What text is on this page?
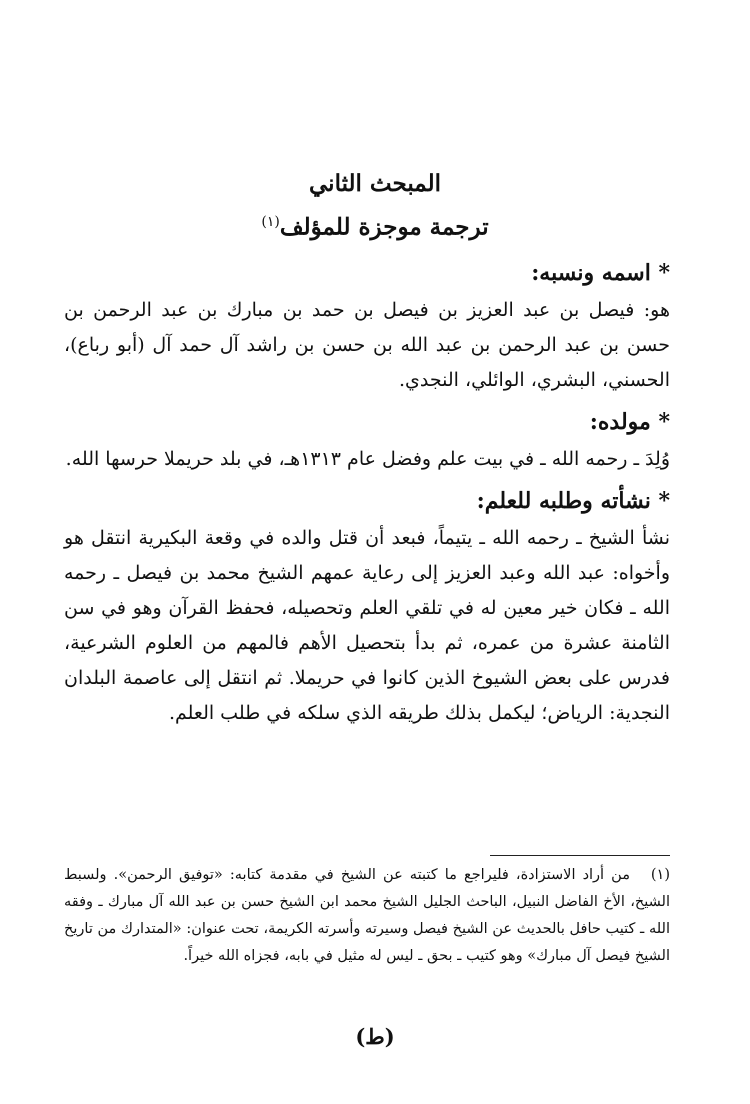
المبحث الثاني

ترجمة موجزة للمؤلف$^{(١)}$

* اسمه ونسبه:

هو: فيصل بن عبد العزيز بن فيصل بن حمد بن مبارك بن عبد الرحمن بن حسن بن عبد الرحمن بن عبد الله بن حسن بن راشد آل حمد آل (أبو رباع)، الحسني، البشري، الوائلي، النجدي.

* مولده:

وُلِدَ ـ رحمه الله ـ في بيت علم وفضل عام ١٣١٣هـ، في بلد حريملا حرسها الله.

* نشأته وطلبه للعلم:

نشأ الشيخ ـ رحمه الله ـ يتيماً، فبعد أن قتل والده في وقعة البكيرية انتقل هو وأخواه: عبد الله وعبد العزيز إلى رعاية عمهم الشيخ محمد بن فيصل ـ رحمه الله ـ فكان خير معين له في تلقي العلم وتحصيله، فحفظ القرآن وهو في سن الثامنة عشرة من عمره، ثم بدأ بتحصيل الأهم فالمهم من العلوم الشرعية، فدرس على بعض الشيوخ الذين كانوا في حريملا. ثم انتقل إلى عاصمة البلدان النجدية: الرياض؛ ليكمل بذلك طريقه الذي سلكه في طلب العلم.

(١)من أراد الاستزادة، فليراجع ما كتبته عن الشيخ في مقدمة كتابه: «توفيق الرحمن». ولسبط الشيخ، الأخ الفاضل النبيل، الباحث الجليل الشيخ محمد ابن الشيخ حسن بن عبد الله آل مبارك ـ وفقه الله ـ كتيب حافل بالحديث عن الشيخ فيصل وسيرته وأسرته الكريمة، تحت عنوان: «المتدارك من تاريخ الشيخ فيصل آل مبارك» وهو كتيب ـ بحق ـ ليس له مثيل في بابه، فجزاه الله خيراً.
(ط)
